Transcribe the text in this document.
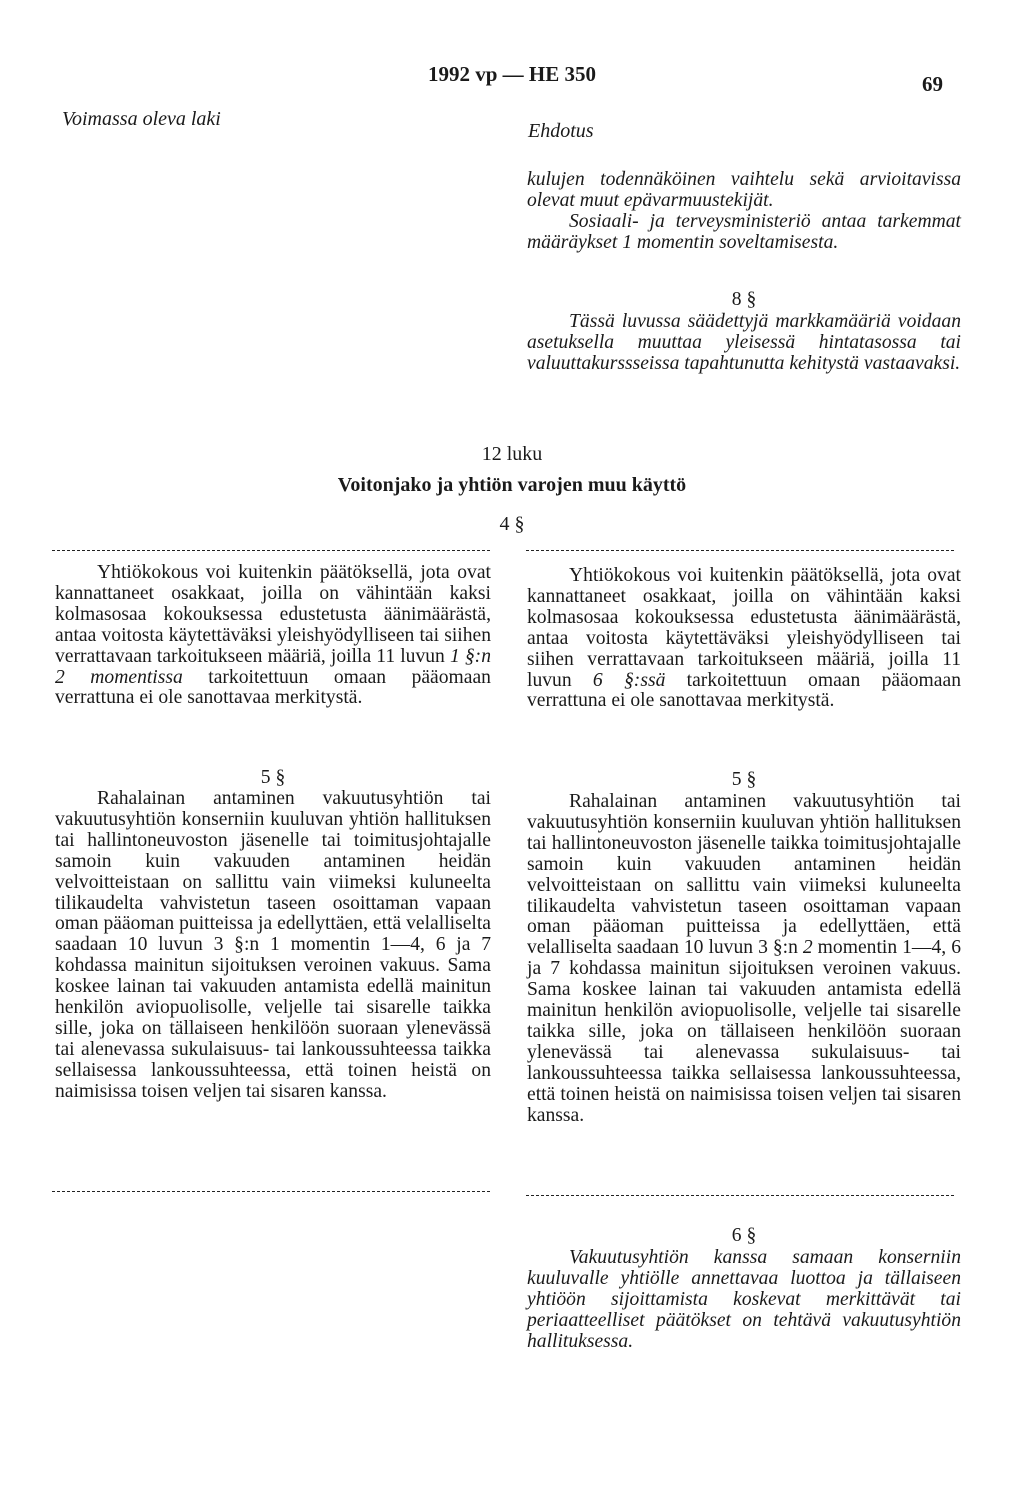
1992 vp — HE 350	69
Voimassa oleva laki
Ehdotus

kulujen todennäköinen vaihtelu sekä arvioitavissa olevat muut epävarmuustekijät.

Sosiaali- ja terveysministeriö antaa tarkemmat määräykset 1 momentin soveltamisesta.

8 §
Tässä luvussa säädettyjä markkamääriä voidaan asetuksella muuttaa yleisessä hintatasossa tai valuuttakurssseissa tapahtunutta kehitystä vastaavaksi.
12 luku
Voitonjako ja yhtiön varojen muu käyttö
4 §
Yhtiökokous voi kuitenkin päätöksellä, jota ovat kannattaneet osakkaat, joilla on vähintään kaksi kolmasosaa kokouksessa edustetusta äänimäärästä, antaa voitosta käytettäväksi yleishyödylliseen tai siihen verrattavaan tarkoitukseen määriä, joilla 11 luvun 1 §:n 2 momentissa tarkoitettuun omaan pääomaan verrattuna ei ole sanottavaa merkitystä.
Yhtiökokous voi kuitenkin päätöksellä, jota ovat kannattaneet osakkaat, joilla on vähintään kaksi kolmasosaa kokouksessa edustetusta äänimäärästä, antaa voitosta käytettäväksi yleishyödylliseen tai siihen verrattavaan tarkoitukseen määriä, joilla 11 luvun 6 §:ssä tarkoitettuun omaan pääomaan verrattuna ei ole sanottavaa merkitystä.
5 §
Rahalainan antaminen vakuutusyhtiön tai vakuutusyhtiön konserniin kuuluvan yhtiön hallituksen tai hallintoneuvoston jäsenelle tai toimitusjohtajalle samoin kuin vakuuden antaminen heidän velvoitteistaan on sallittu vain viimeksi kuluneelta tilikaudelta vahvistetun taseen osoittaman vapaan oman pääoman puitteissa ja edellyttäen, että velalliselta saadaan 10 luvun 3 §:n 1 momentin 1—4, 6 ja 7 kohdassa mainitun sijoituksen veroinen vakuus. Sama koskee lainan tai vakuuden antamista edellä mainitun henkilön aviopuolisolle, veljelle tai sisarelle taikka sille, joka on tällaiseen henkilöön suoraan ylenevässä tai alenevassa sukulaisuus- tai lankoussuhteessa taikka sellaisessa lankoussuhteessa, että toinen heistä on naimisissa toisen veljen tai sisaren kanssa.
5 §
Rahalainan antaminen vakuutusyhtiön tai vakuutusyhtiön konserniin kuuluvan yhtiön hallituksen tai hallintoneuvoston jäsenelle taikka toimitusjohtajalle samoin kuin vakuuden antaminen heidän velvoitteistaan on sallittu vain viimeksi kuluneelta tilikaudelta vahvistetun taseen osoittaman vapaan oman pääoman puitteissa ja edellyttäen, että velalliselta saadaan 10 luvun 3 §:n 2 momentin 1—4, 6 ja 7 kohdassa mainitun sijoituksen veroinen vakuus. Sama koskee lainan tai vakuuden antamista edellä mainitun henkilön aviopuolisolle, veljelle tai sisarelle taikka sille, joka on tällaiseen henkilöön suoraan ylenevässä tai alenevassa sukulaisuus- tai lankoussuhteessa taikka sellaisessa lankoussuhteessa, että toinen heistä on naimisissa toisen veljen tai sisaren kanssa.
6 §
Vakuutusyhtiön kanssa samaan konserniin kuuluvalle yhtiölle annettavaa luottoa ja tällaiseen yhtiöön sijoittamista koskevat merkittävät tai periaatteelliset päätökset on tehtävä vakuutusyhtiön hallituksessa.
